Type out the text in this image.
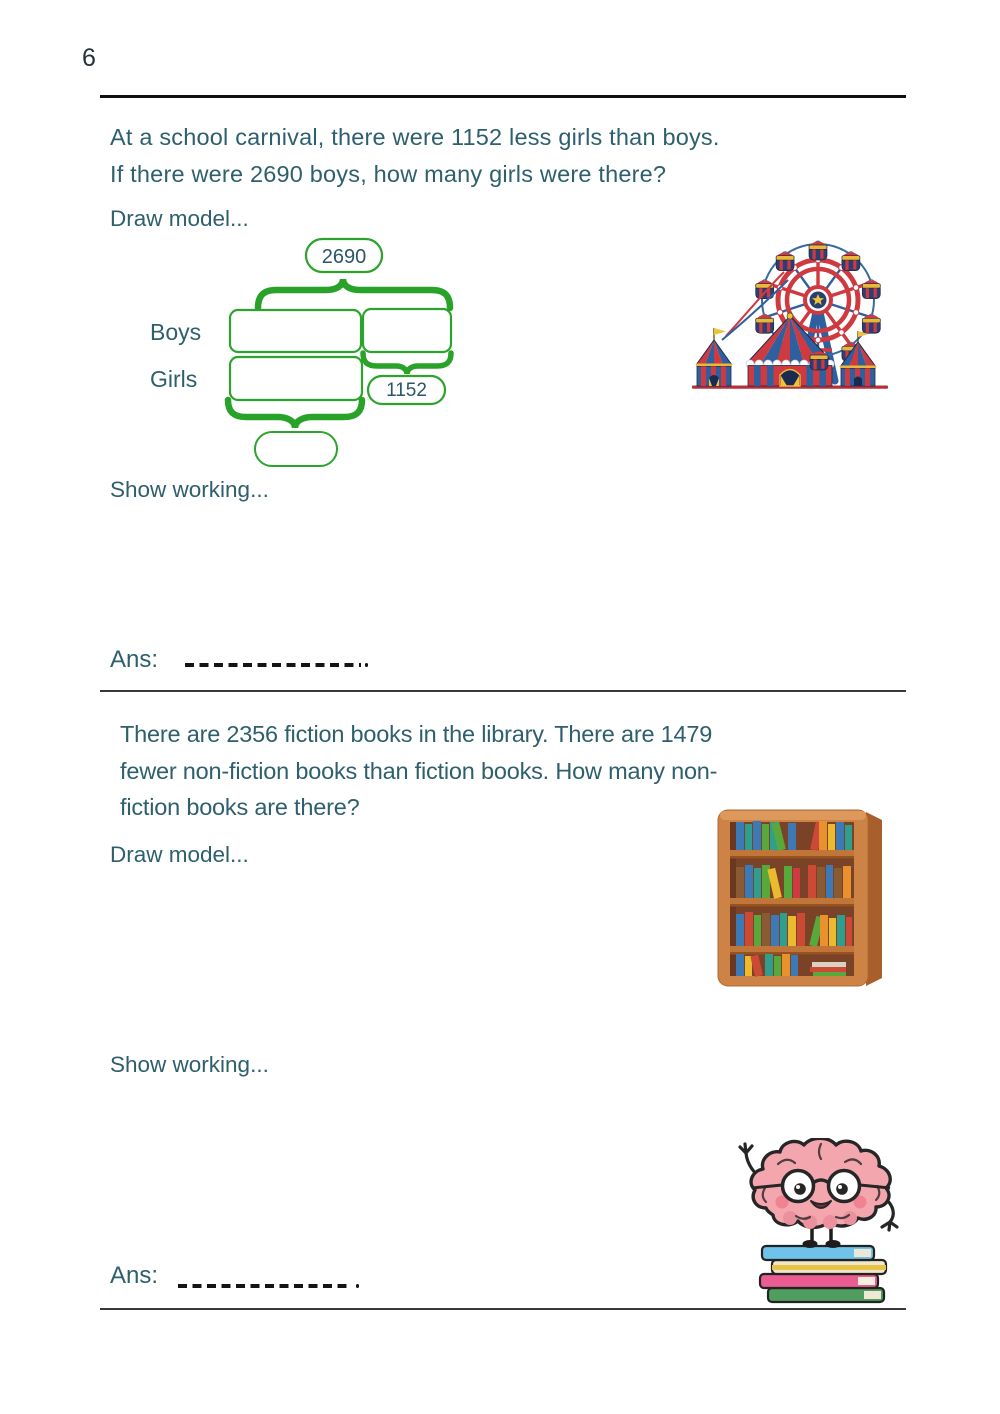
6
At a school carnival, there were 1152 less girls than boys.
If there were 2690 boys, how many girls were there?
Draw model...
2690
Boys
Girls	1152
Show working...
Ans:
There are 2356 fiction books in the library. There are 1479
fewer non-fiction books than fiction books. How many non-
fiction books are there?
Draw model...
Show working...
Ans:
